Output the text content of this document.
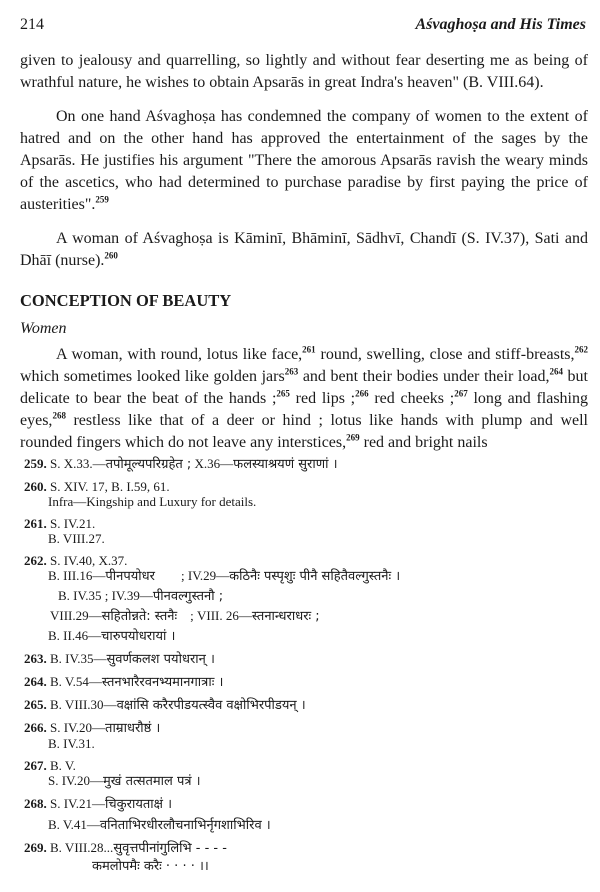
214	Aśvaghoṣa and His Times

given to jealousy and quarrelling, so lightly and without fear deserting me as being of wrathful nature, he wishes to obtain Apsarās in great Indra's heaven" (B. VIII.64).

On one hand Aśvaghoṣa has condemned the company of women to the extent of hatred and on the other hand has approved the entertainment of the sages by the Apsarās. He justifies his argument "There the amorous Apsarās ravish the weary minds of the ascetics, who had determined to purchase paradise by first paying the price of austerities".$^{259}$

A woman of Aśvaghoṣa is Kāminī, Bhāminī, Sādhvī, Chandī (S. IV.37), Sati and Dhāī (nurse).$^{260}$

CONCEPTION OF BEAUTY
Women

A woman, with round, lotus like face,$^{261}$ round, swelling, close and stiff-breasts,$^{262}$ which sometimes looked like golden jars$^{263}$ and bent their bodies under their load,$^{264}$ but delicate to bear the beat of the hands ;$^{265}$ red lips ;$^{266}$ red cheeks ;$^{267}$ long and flashing eyes,$^{268}$ restless like that of a deer or hind ; lotus like hands with plump and well rounded fingers which do not leave any interstices,$^{269}$ red and bright nails

259. S. X.33.—तपोमूल्यपरिग्रहेत ; X.36—फलस्याश्रयणं सुराणां ।
260. S. XIV. 17, B. I.59, 61.
Infra—Kingship and Luxury for details.
261. S. IV.21.
B. VIII.27.
262. S. IV.40, X.37.
B. III.16—पीनपयोधर ; IV.29—कठिनैः पस्पृशुः पीनै सहितैवल्गुस्तनैः ।
B. IV.35 ; IV.39—पीनवल्गुस्तनौ ;
VIII.29—सहितोन्नते: स्तनैः ; VIII. 26—स्तनान्धराधरः ;
B. II.46—चारुपयोधरायां ।
263. B. IV.35—सुवर्णकलश पयोधरान् ।
264. B. V.54—स्तनभारैरवनभ्यमानगात्राः ।
265. B. VIII.30—वक्षांसि करैरपीडयत्स्वैव वक्षोभिरपीडयन् ।
266. S. IV.20—ताम्राधरौष्ठं ।
B. IV.31.
267. B. V.
S. IV.20—मुखं तत्सतमाल पत्रं ।
268. S. IV.21—चिकुरायताक्षं ।
B. V.41—वनिताभिरधीरलौचनाभिर्नृगशाभिरिव ।
269. B. VIII.28...सुवृत्तपीनांगुलिभि - - - -
कमलोपमैः करैः · · · · ।।
